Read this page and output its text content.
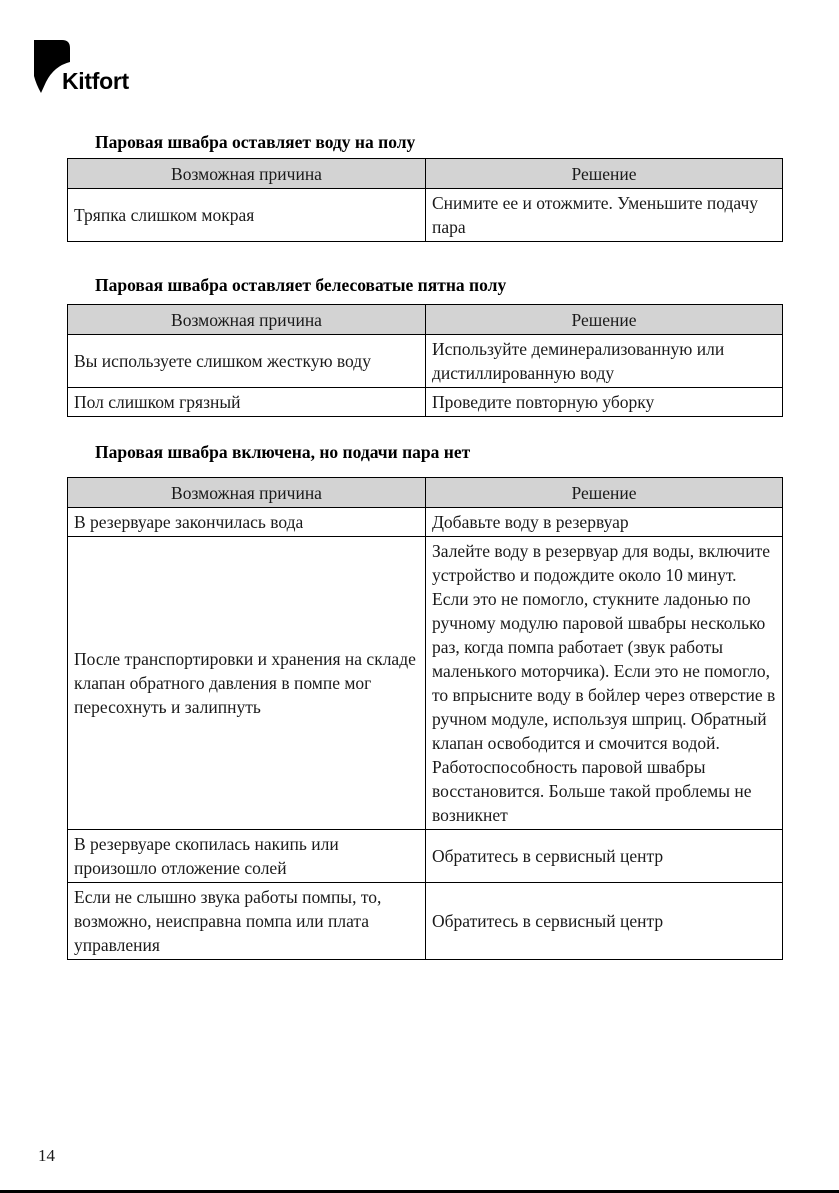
Kitfort
Паровая швабра оставляет воду на полу
Возможная причина	Решение
Тряпка слишком мокрая	Снимите ее и отожмите. Уменьшите подачу пара
Паровая швабра оставляет белесоватые пятна полу
Возможная причина	Решение
Вы используете слишком жесткую воду	Используйте деминерализованную или дистиллированную воду
Пол слишком грязный	Проведите повторную уборку
Паровая швабра включена, но подачи пара нет
Возможная причина	Решение
В резервуаре закончилась вода	Добавьте воду в резервуар
После транспортировки и хранения на складе клапан обратного давления в помпе мог пересохнуть и залипнуть	Залейте воду в резервуар для воды, включите устройство и подождите около 10 минут. Если это не помогло, стукните ладонью по ручному модулю паровой швабры несколько раз, когда помпа работает (звук работы маленького моторчика). Если это не помогло, то впрысните воду в бойлер через отверстие в ручном модуле, используя шприц. Обратный клапан освободится и смочится водой. Работоспособность паровой швабры восстановится. Больше такой проблемы не возникнет
В резервуаре скопилась накипь или произошло отложение солей	Обратитесь в сервисный центр
Если не слышно звука работы помпы, то, возможно, неисправна помпа или плата управления	Обратитесь в сервисный центр
14
